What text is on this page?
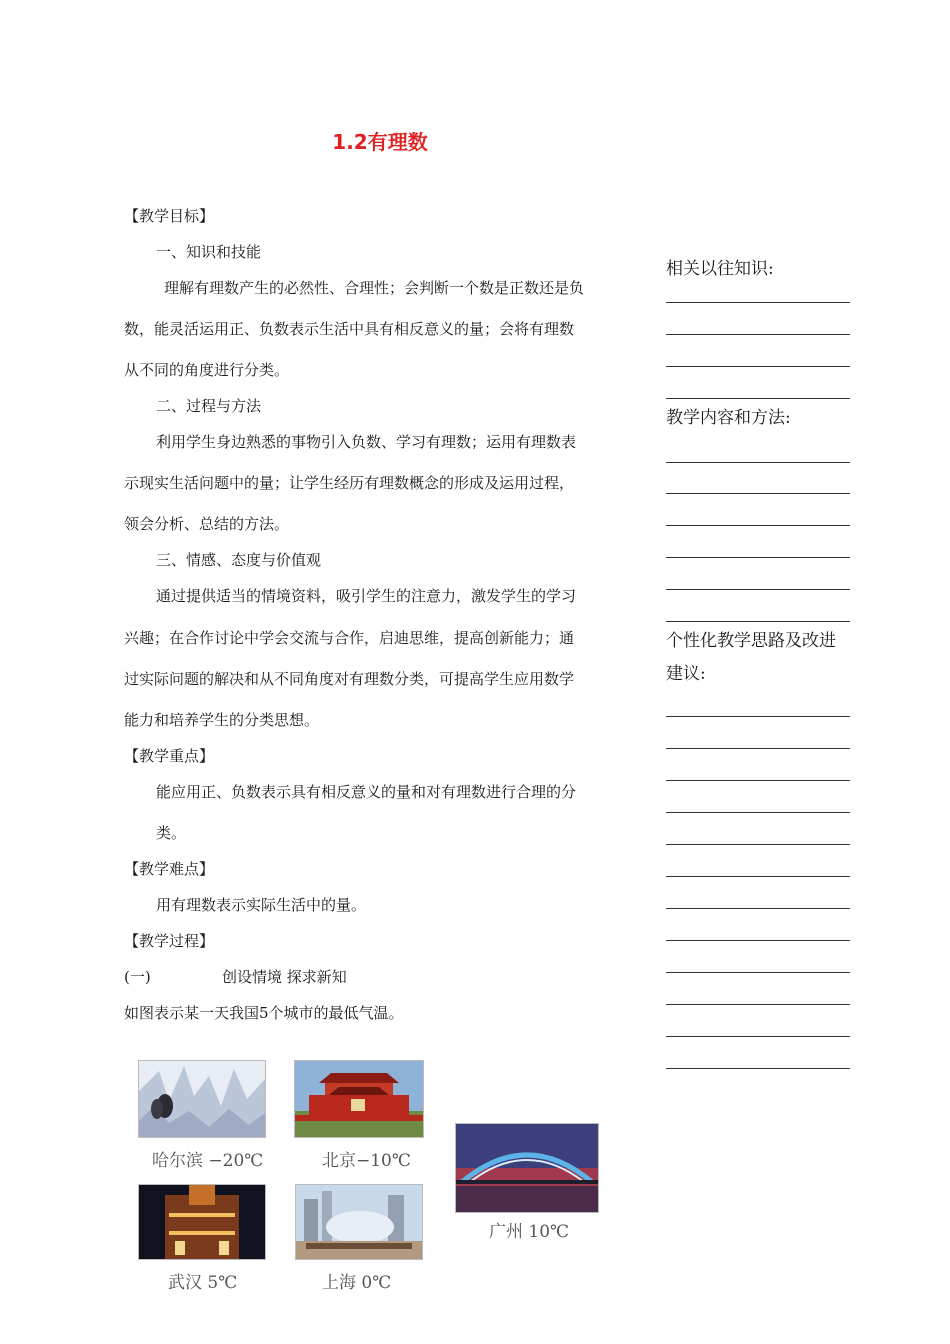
1.2有理数
【教学目标】
一、知识和技能
理解有理数产生的必然性、合理性；会判断一个数是正数还是负
数，能灵活运用正、负数表示生活中具有相反意义的量；会将有理数
从不同的角度进行分类。
二、过程与方法
利用学生身边熟悉的事物引入负数、学习有理数；运用有理数表
示现实生活问题中的量；让学生经历有理数概念的形成及运用过程，
领会分析、总结的方法。
三、情感、态度与价值观
通过提供适当的情境资料，吸引学生的注意力，激发学生的学习
兴趣；在合作讨论中学会交流与合作，启迪思维，提高创新能力；通
过实际问题的解决和从不同角度对有理数分类，可提高学生应用数学
能力和培养学生的分类思想。
【教学重点】
能应用正、负数表示具有相反意义的量和对有理数进行合理的分
类。
【教学难点】
用有理数表示实际生活中的量。
【教学过程】
(一)	创设情境 探求新知
如图表示某一天我国5个城市的最低气温。
相关以往知识:
教学内容和方法:
个性化教学思路及改进
建议:
哈尔滨 −20℃	北京−10℃
广州 10℃
武汉 5℃	上海 0℃
